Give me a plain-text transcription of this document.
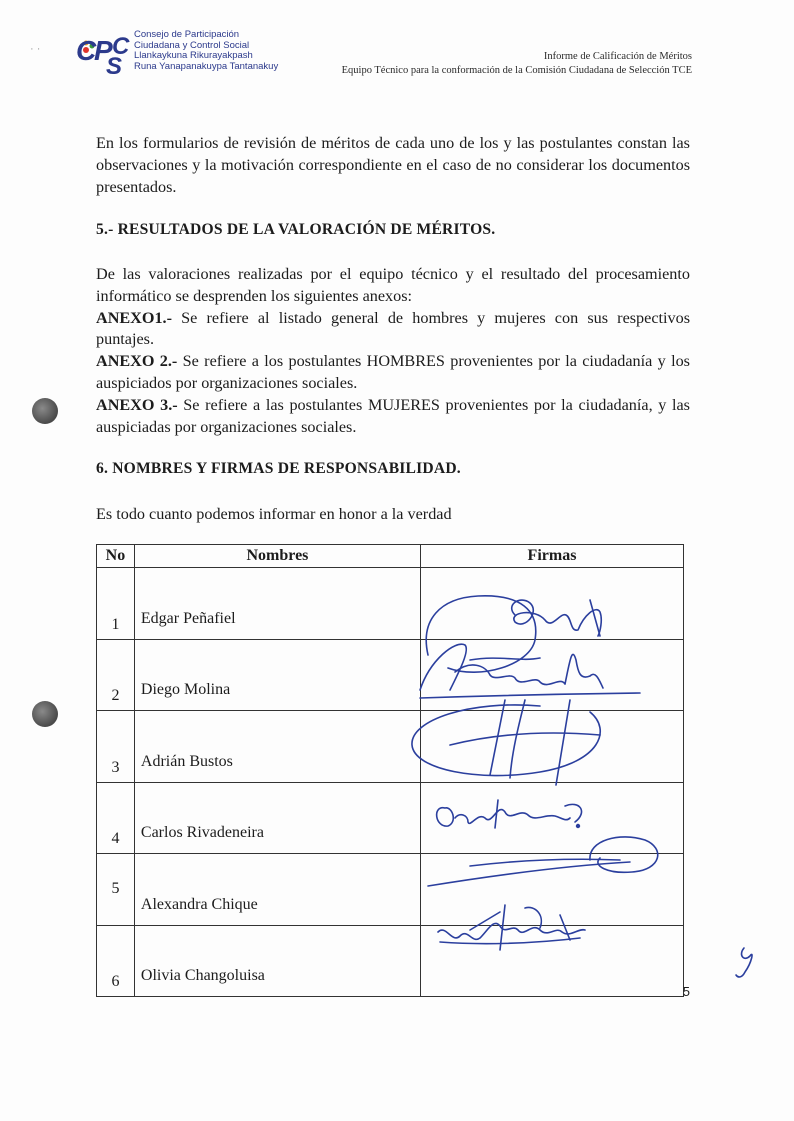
· · C
P C
S
Consejo de Participación
Ciudadana y Control Social
Llankaykuna Rikurayakpash
Runa Yanapanakuypa Tantanakuy
Informe de Calificación de Méritos
Equipo Técnico para la conformación de la Comisión Ciudadana de Selección TCE

En los formularios de revisión de méritos de cada uno de los y las postulantes constan las observaciones y la motivación correspondiente en el caso de no considerar los documentos presentados.

5.- RESULTADOS DE LA VALORACIÓN DE MÉRITOS.

De las valoraciones realizadas por el equipo técnico y el resultado del procesamiento informático se desprenden los siguientes anexos:
ANEXO1.- Se refiere al listado general de hombres y mujeres con sus respectivos puntajes.
ANEXO 2.- Se refiere a los postulantes HOMBRES provenientes por la ciudadanía y los auspiciados por organizaciones sociales.
ANEXO 3.- Se refiere a las postulantes MUJERES provenientes por la ciudadanía, y las auspiciadas por organizaciones sociales.

6. NOMBRES Y FIRMAS DE RESPONSABILIDAD.

Es todo cuanto podemos informar en honor a la verdad

No	Nombres	Firmas
1	Edgar Peñafiel	
2	Diego Molina	
3	Adrián Bustos	
4	Carlos Rivadeneira	
5	Alexandra Chique	
6	Olivia Changoluisa	
5
